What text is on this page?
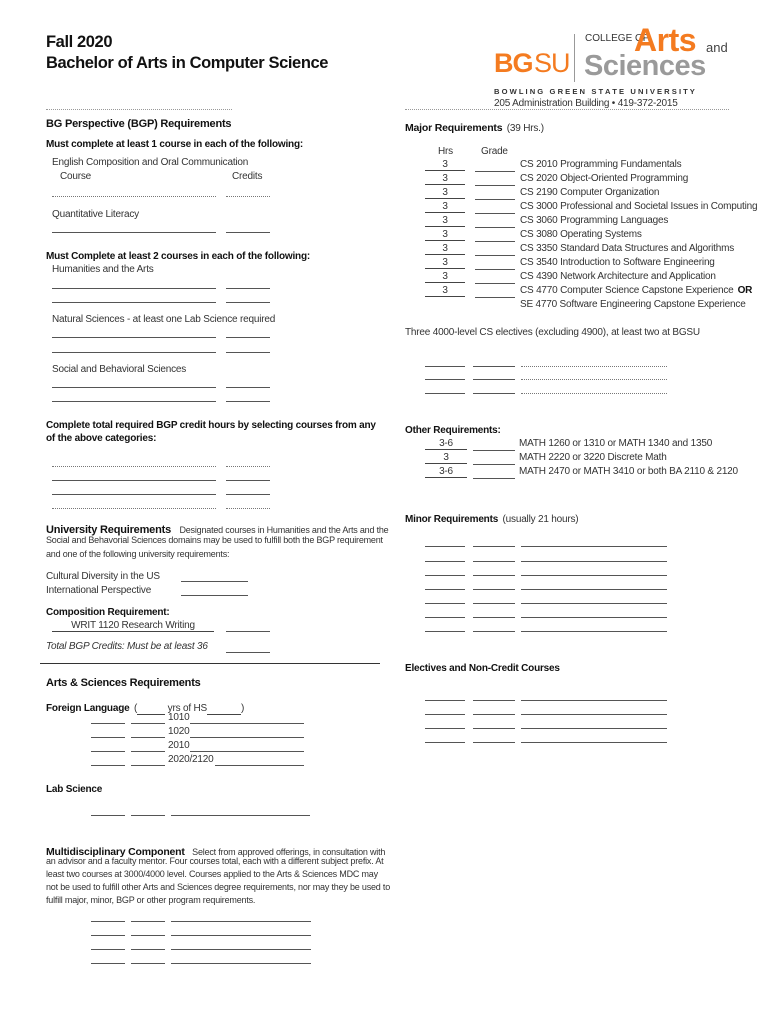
Fall 2020
Bachelor of Arts in Computer Science	BG SU
COLLEGE OF
Arts and
Sciences
B O W L I N G   G R E E N   S T A T E   U N I V E R S I T Y
205 Administration Building • 419-372-2015
BG Perspective (BGP) Requirements
Must complete at least 1 course in each of the following:
English Composition and Oral Communication
Course	Credits
Quantitative Literacy
Must Complete at least 2 courses in each of the following:
Humanities and the Arts
Natural Sciences - at least one Lab Science required
Social and Behavioral Sciences
Complete total required BGP credit hours by selecting courses from any
of the above categories:
University Requirements Designated courses in Humanities and the Arts and the
Social and Behavorial Sciences domains may be used to fulfill both the BGP requirement
and one of the following university requirements:
Cultural Diversity in the US
International Perspective
Composition Requirement:
WRIT 1120 Research Writing
Total BGP Credits: Must be at least 36
Arts & Sciences Requirements
Foreign Language (	yrs of HS	)
1010
1020
2010
2020/2120
Lab Science
Multidisciplinary Component Select from approved offerings, in consultation with
an advisor and a faculty mentor. Four courses total, each with a different subject prefix. At
least two courses at 3000/4000 level. Courses applied to the Arts & Sciences MDC may
not be used to fulfill other Arts and Sciences degree requirements, nor may they be used to
fulfill major, minor, BGP or other program requirements.
Major Requirements (39 Hrs.)
Hrs	Grade
3	CS 2010 Programming Fundamentals
3	CS 2020 Object-Oriented Programming
3	CS 2190 Computer Organization
3	CS 3000 Professional and Societal Issues in Computing
3	CS 3060 Programming Languages
3	CS 3080 Operating Systems
3	CS 3350 Standard Data Structures and Algorithms
3	CS 3540 Introduction to Software Engineering
3	CS 4390 Network Architecture and Application
3	CS 4770 Computer Science Capstone Experience OR
SE 4770 Software Engineering Capstone Experience
Three 4000-level CS electives (excluding 4900), at least two at BGSU
Other Requirements:
3-6	MATH 1260 or 1310 or MATH 1340 and 1350
3	MATH 2220 or 3220 Discrete Math
3-6	MATH 2470 or MATH 3410 or both BA 2110 & 2120
Minor Requirements (usually 21 hours)
Electives and Non-Credit Courses
